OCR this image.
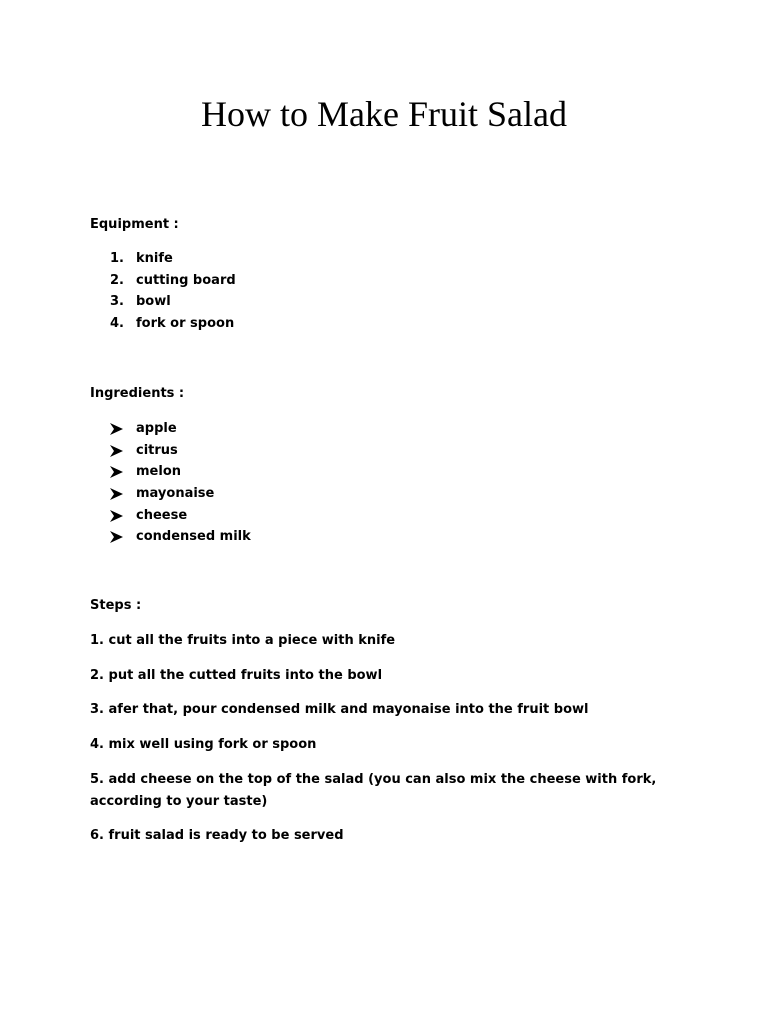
How to Make Fruit Salad

Equipment :

1. knife
2. cutting board
3. bowl
4. fork or spoon

Ingredients :

apple
citrus
melon
mayonaise
cheese
condensed milk

Steps :

1. cut all the fruits into a piece with knife

2. put all the cutted fruits into the bowl

3. afer that, pour condensed milk and mayonaise into the fruit bowl

4. mix well using fork or spoon

5. add cheese on the top of the salad (you can also mix the cheese with fork, according to your taste)

6. fruit salad is ready to be served
